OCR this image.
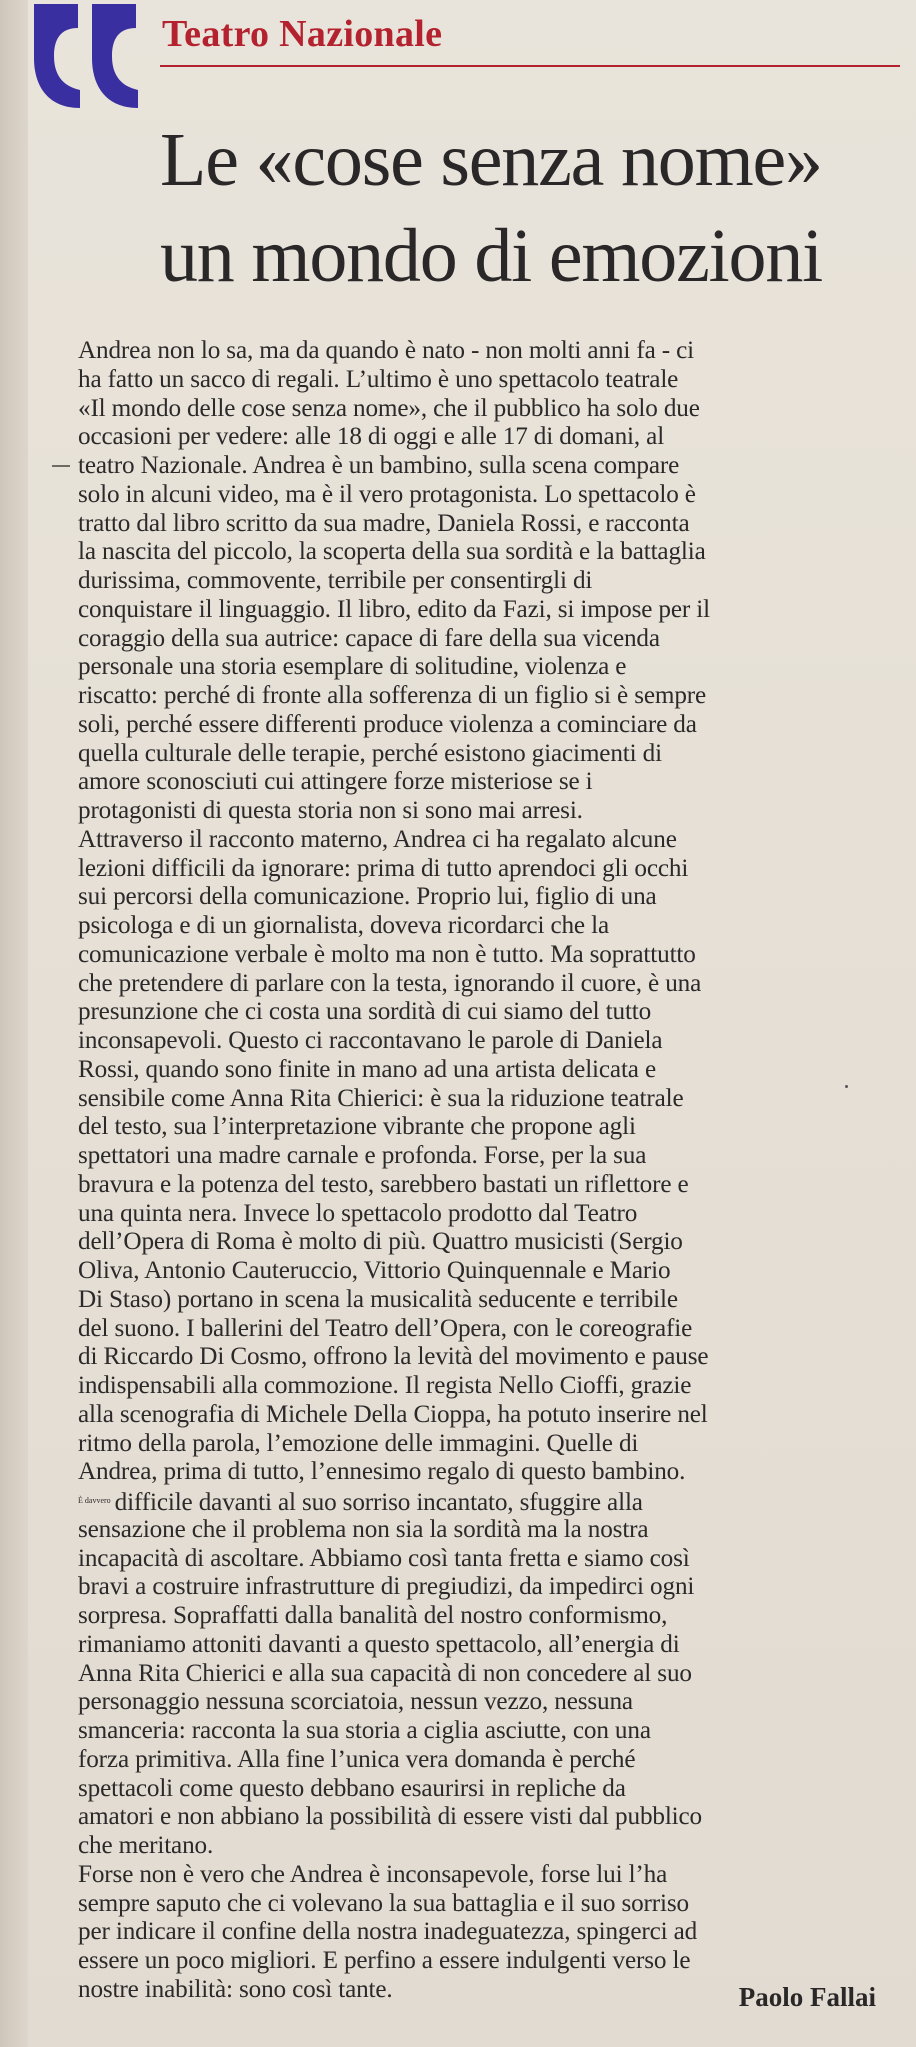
Teatro Nazionale
Le «cose senza nome»
un mondo di emozioni
Andrea non lo sa, ma da quando è nato - non molti anni fa - ci
ha fatto un sacco di regali. L’ultimo è uno spettacolo teatrale
«Il mondo delle cose senza nome», che il pubblico ha solo due
occasioni per vedere: alle 18 di oggi e alle 17 di domani, al
teatro Nazionale. Andrea è un bambino, sulla scena compare
solo in alcuni video, ma è il vero protagonista. Lo spettacolo è
tratto dal libro scritto da sua madre, Daniela Rossi, e racconta
la nascita del piccolo, la scoperta della sua sordità e la battaglia
durissima, commovente, terribile per consentirgli di
conquistare il linguaggio. Il libro, edito da Fazi, si impose per il
coraggio della sua autrice: capace di fare della sua vicenda
personale una storia esemplare di solitudine, violenza e
riscatto: perché di fronte alla sofferenza di un figlio si è sempre
soli, perché essere differenti produce violenza a cominciare da
quella culturale delle terapie, perché esistono giacimenti di
amore sconosciuti cui attingere forze misteriose se i
protagonisti di questa storia non si sono mai arresi.
Attraverso il racconto materno, Andrea ci ha regalato alcune
lezioni difficili da ignorare: prima di tutto aprendoci gli occhi
sui percorsi della comunicazione. Proprio lui, figlio di una
psicologa e di un giornalista, doveva ricordarci che la
comunicazione verbale è molto ma non è tutto. Ma soprattutto
che pretendere di parlare con la testa, ignorando il cuore, è una
presunzione che ci costa una sordità di cui siamo del tutto
inconsapevoli. Questo ci raccontavano le parole di Daniela
Rossi, quando sono finite in mano ad una artista delicata e
sensibile come Anna Rita Chierici: è sua la riduzione teatrale
del testo, sua l’interpretazione vibrante che propone agli
spettatori una madre carnale e profonda. Forse, per la sua
bravura e la potenza del testo, sarebbero bastati un riflettore e
una quinta nera. Invece lo spettacolo prodotto dal Teatro
dell’Opera di Roma è molto di più. Quattro musicisti (Sergio
Oliva, Antonio Cauteruccio, Vittorio Quinquennale e Mario
Di Staso) portano in scena la musicalità seducente e terribile
del suono. I ballerini del Teatro dell’Opera, con le coreografie
di Riccardo Di Cosmo, offrono la levità del movimento e pause
indispensabili alla commozione. Il regista Nello Cioffi, grazie
alla scenografia di Michele Della Cioppa, ha potuto inserire nel
ritmo della parola, l’emozione delle immagini. Quelle di
Andrea, prima di tutto, l’ennesimo regalo di questo bambino.
$^{È davvero}$ difficile davanti al suo sorriso incantato, sfuggire alla
sensazione che il problema non sia la sordità ma la nostra
incapacità di ascoltare. Abbiamo così tanta fretta e siamo così
bravi a costruire infrastrutture di pregiudizi, da impedirci ogni
sorpresa. Sopraffatti dalla banalità del nostro conformismo,
rimaniamo attoniti davanti a questo spettacolo, all’energia di
Anna Rita Chierici e alla sua capacità di non concedere al suo
personaggio nessuna scorciatoia, nessun vezzo, nessuna
smanceria: racconta la sua storia a ciglia asciutte, con una
forza primitiva. Alla fine l’unica vera domanda è perché
spettacoli come questo debbano esaurirsi in repliche da
amatori e non abbiano la possibilità di essere visti dal pubblico
che meritano.
Forse non è vero che Andrea è inconsapevole, forse lui l’ha
sempre saputo che ci volevano la sua battaglia e il suo sorriso
per indicare il confine della nostra inadeguatezza, spingerci ad
essere un poco migliori. E perfino a essere indulgenti verso le
nostre inabilità: sono così tante.	Paolo Fallai
